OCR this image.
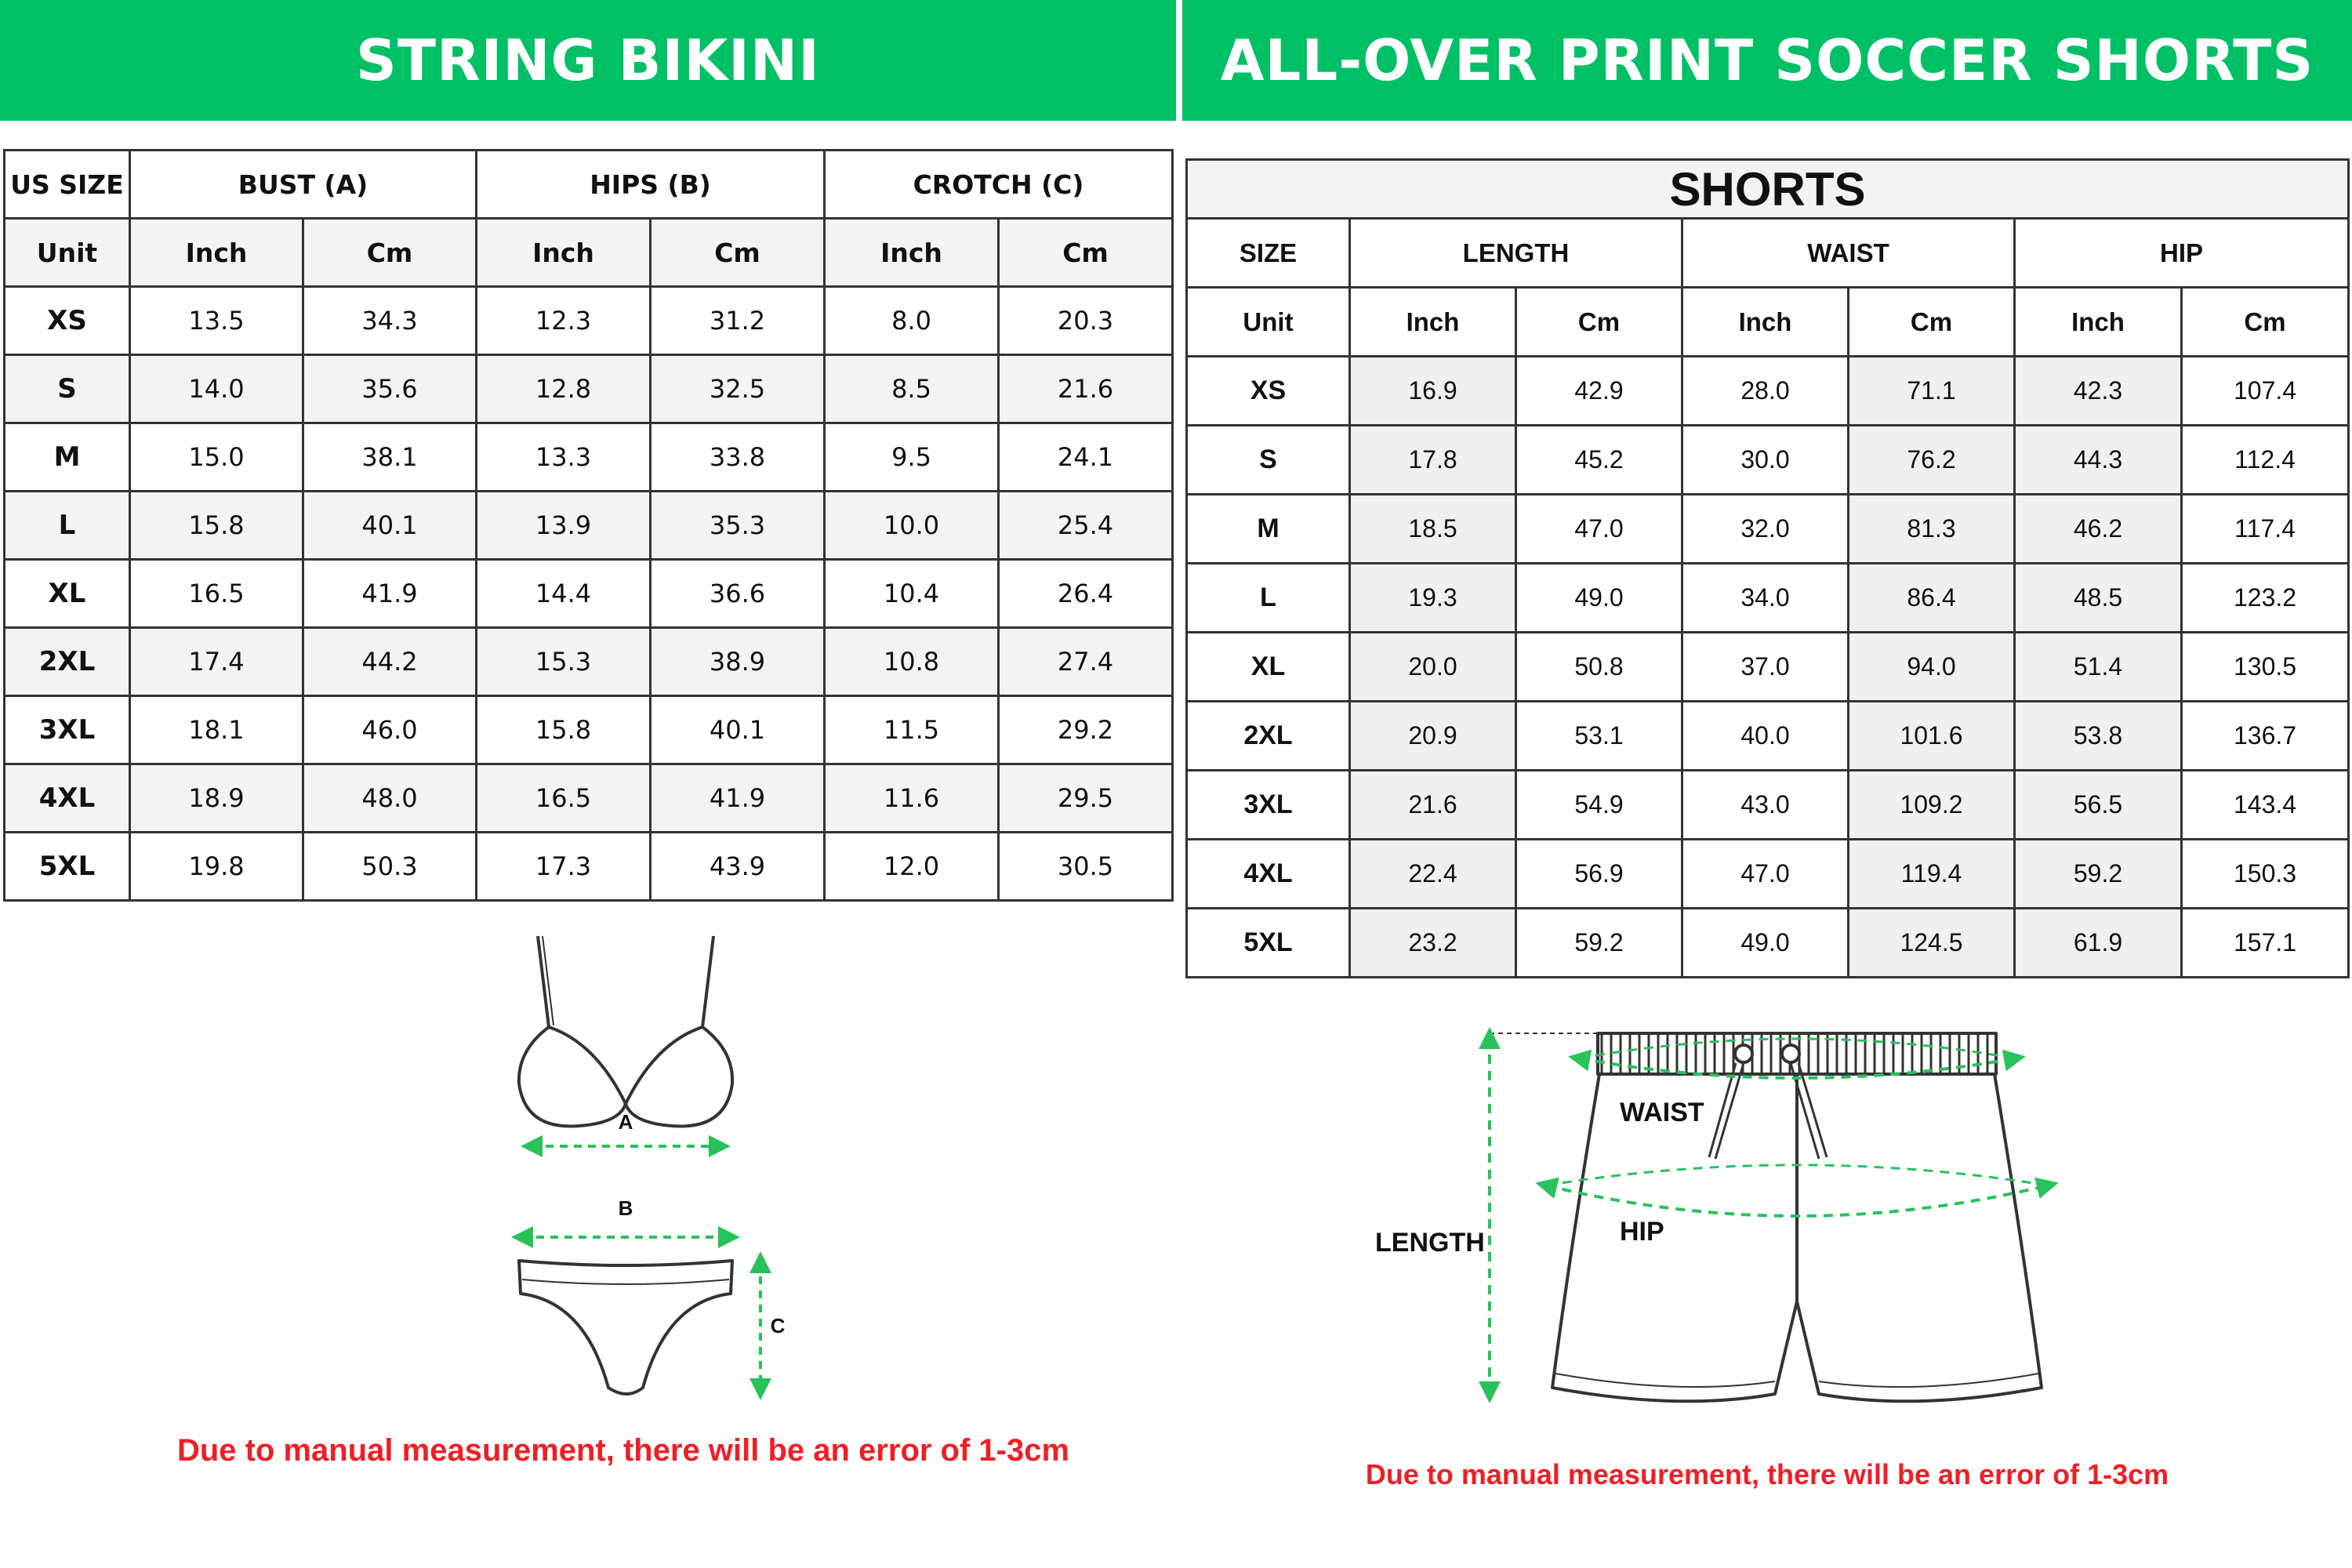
STRING BIKINI	ALL-OVER PRINT SOCCER SHORTS
US SIZE	BUST (A)		HIPS (B)		CROTCH (C)	
Unit	Inch	Cm	Inch	Cm	Inch	Cm
XS	13.5	34.3	12.3	31.2	8.0	20.3
S	14.0	35.6	12.8	32.5	8.5	21.6
M	15.0	38.1	13.3	33.8	9.5	24.1
L	15.8	40.1	13.9	35.3	10.0	25.4
XL	16.5	41.9	14.4	36.6	10.4	26.4
2XL	17.4	44.2	15.3	38.9	10.8	27.4
3XL	18.1	46.0	15.8	40.1	11.5	29.2
4XL	18.9	48.0	16.5	41.9	11.6	29.5
5XL	19.8	50.3	17.3	43.9	12.0	30.5
SHORTS						
SIZE	LENGTH		WAIST		HIP	
Unit	Inch	Cm	Inch	Cm	Inch	Cm
XS	16.9	42.9	28.0	71.1	42.3	107.4
S	17.8	45.2	30.0	76.2	44.3	112.4
M	18.5	47.0	32.0	81.3	46.2	117.4
L	19.3	49.0	34.0	86.4	48.5	123.2
XL	20.0	50.8	37.0	94.0	51.4	130.5
2XL	20.9	53.1	40.0	101.6	53.8	136.7
3XL	21.6	54.9	43.0	109.2	56.5	143.4
4XL	22.4	56.9	47.0	119.4	59.2	150.3
5XL	23.2	59.2	49.0	124.5	61.9	157.1
A
B
C
WAIST
HIP
LENGTH
Due to manual measurement, there will be an error of 1-3cm
Due to manual measurement, there will be an error of 1-3cm
